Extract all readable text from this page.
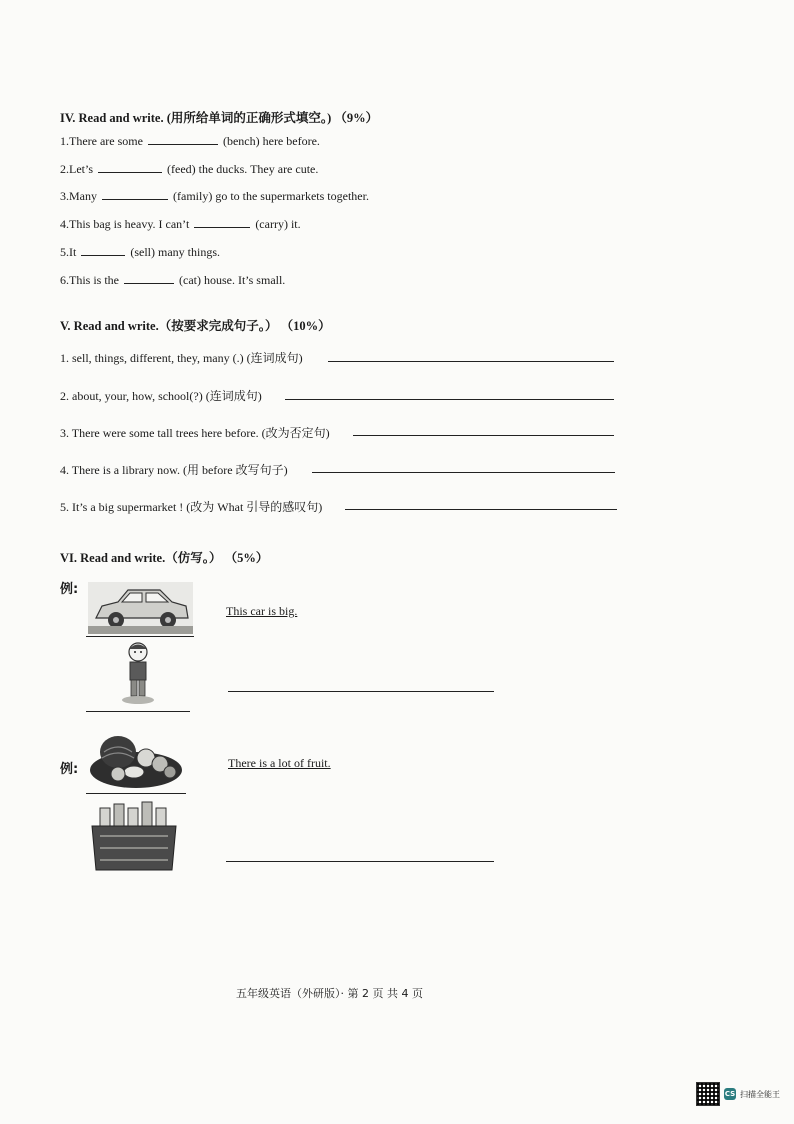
IV. Read and write. (用所给单词的正确形式填空。) （9%）
1.There are some	(bench) here before.
2.Let’s	(feed) the ducks. They are cute.
3.Many	(family) go to the supermarkets together.
4.This bag is heavy. I can’t	(carry) it.
5.It	(sell) many things.
6.This is the	(cat) house. It’s small.
V. Read and write.（按要求完成句子。） （10%）
1. sell, things, different, they, many (.) (连词成句)
2. about, your, how, school(?) (连词成句)
3. There were some tall trees here before. (改为否定句)
4. There is a library now. (用 before 改写句子)
5. It’s a big supermarket ! (改为 What 引导的感叹句)
VI. Read and write.（仿写。） （5%）
例:
This car is big.
例:	There is a lot of fruit.
五年级英语（外研版）· 第 2 页 共 4 页
CS 扫描全能王
